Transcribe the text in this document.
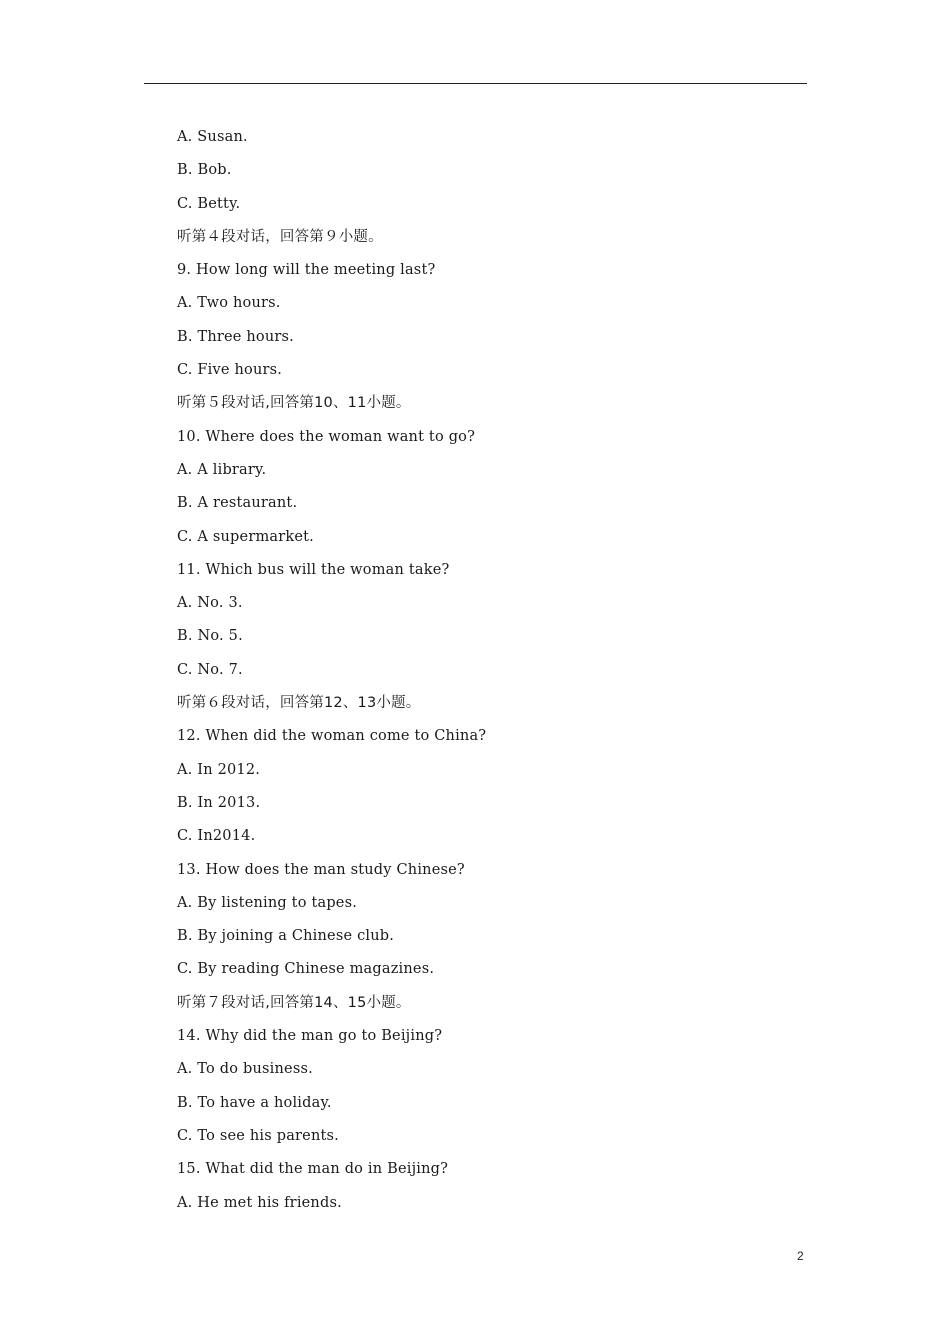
A. Susan.
B. Bob.
C. Betty.
听第４段对话，回答第９小题。
9. How long will the meeting last?
A. Two hours.
B. Three hours.
C. Five hours.
听第５段对话,回答第10、11小题。
10. Where does the woman want to go?
A. A library.
B. A restaurant.
C. A supermarket.
11. Which bus will the woman take?
A. No. 3.
B. No. 5.
C. No. 7.
听第６段对话，回答第12、13小题。
12. When did the woman come to China?
A. In 2012.
B. In 2013.
C. In2014.
13. How does the man study Chinese?
A. By listening to tapes.
B. By joining a Chinese club.
C. By reading Chinese magazines.
听第７段对话,回答第14、15小题。
14. Why did the man go to Beijing?
A. To do business.
B. To have a holiday.
C. To see his parents.
15. What did the man do in Beijing?
A. He met his friends.
2
